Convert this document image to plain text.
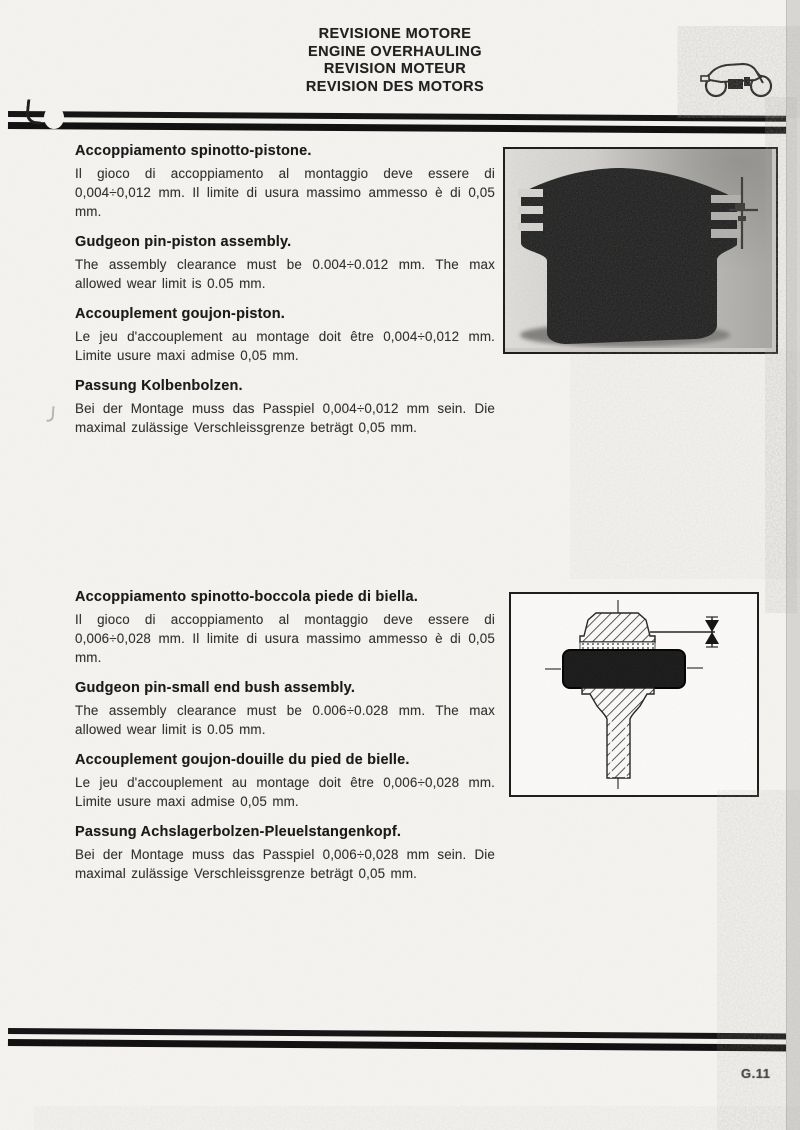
REVISIONE MOTORE
ENGINE OVERHAULING
REVISION MOTEUR
REVISION DES MOTORS
Accoppiamento spinotto-pistone.

Il gioco di accoppiamento al montaggio deve essere di 0,004÷0,012 mm. Il limite di usura massimo ammesso è di 0,05 mm.

Gudgeon pin-piston assembly.

The assembly clearance must be 0.004÷0.012 mm. The max allowed wear limit is 0.05 mm.

Accouplement goujon-piston.

Le jeu d'accouplement au montage doit être 0,004÷0,012 mm. Limite usure maxi admise 0,05 mm.

Passung Kolbenbolzen.

Bei der Montage muss das Passpiel 0,004÷0,012 mm sein. Die maximal zulässige Verschleissgrenze beträgt 0,05 mm.

Accoppiamento spinotto-boccola piede di biella.

Il gioco di accoppiamento al montaggio deve essere di 0,006÷0,028 mm. Il limite di usura massimo ammesso è di 0,05 mm.

Gudgeon pin-small end bush assembly.

The assembly clearance must be 0.006÷0.028 mm. The max allowed wear limit is 0.05 mm.

Accouplement goujon-douille du pied de bielle.

Le jeu d'accouplement au montage doit être 0,006÷0,028 mm. Limite usure maxi admise 0,05 mm.

Passung Achslagerbolzen-Pleuelstangenkopf.

Bei der Montage muss das Passpiel 0,006÷0,028 mm sein. Die maximal zulässige Verschleissgrenze beträgt 0,05 mm.

G.11
